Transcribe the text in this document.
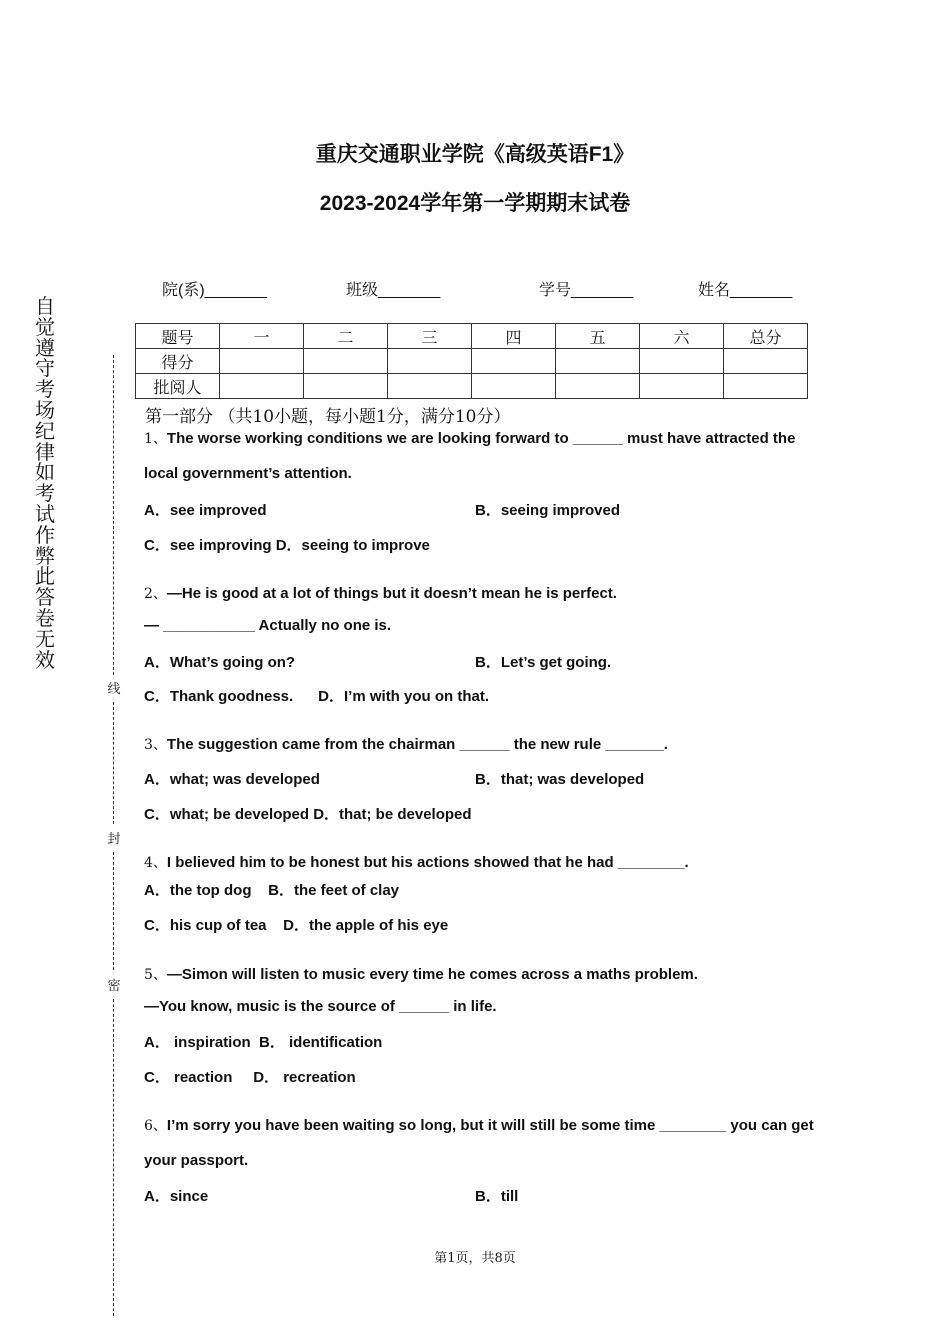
重庆交通职业学院《高级英语F1》
2023-2024学年第一学期期末试卷
院(系)_______	班级_______	学号_______	姓名_______
自觉遵守考场纪律如考试作弊此答卷无效
线
封
密
题号	一	二	三	四	五	六	总分
得分							
批阅人							
第一部分 （共10小题，每小题1分，满分10分）
1、The worse working conditions we are looking forward to ______ must have attracted the
local government’s attention.
A．see improved	B．seeing improved
C．see improving D．seeing to improve
2、—He is good at a lot of things but it doesn’t mean he is perfect.
— ___________ Actually no one is.
A．What’s going on?	B．Let’s get going.
C．Thank goodness.      D．I’m with you on that.
3、The suggestion came from the chairman ______ the new rule _______.
A．what; was developed	B．that; was developed
C．what; be developed D．that; be developed
4、I believed him to be honest but his actions showed that he had ________.
A．the top dog    B．the feet of clay
C．his cup of tea    D．the apple of his eye
5、—Simon will listen to music every time he comes across a maths problem.
—You know, music is the source of ______ in life.
A． inspiration  B． identification
C． reaction     D． recreation
6、I’m sorry you have been waiting so long, but it will still be some time ________ you can get
your passport.
A．since	B．till
第1页，共8页
